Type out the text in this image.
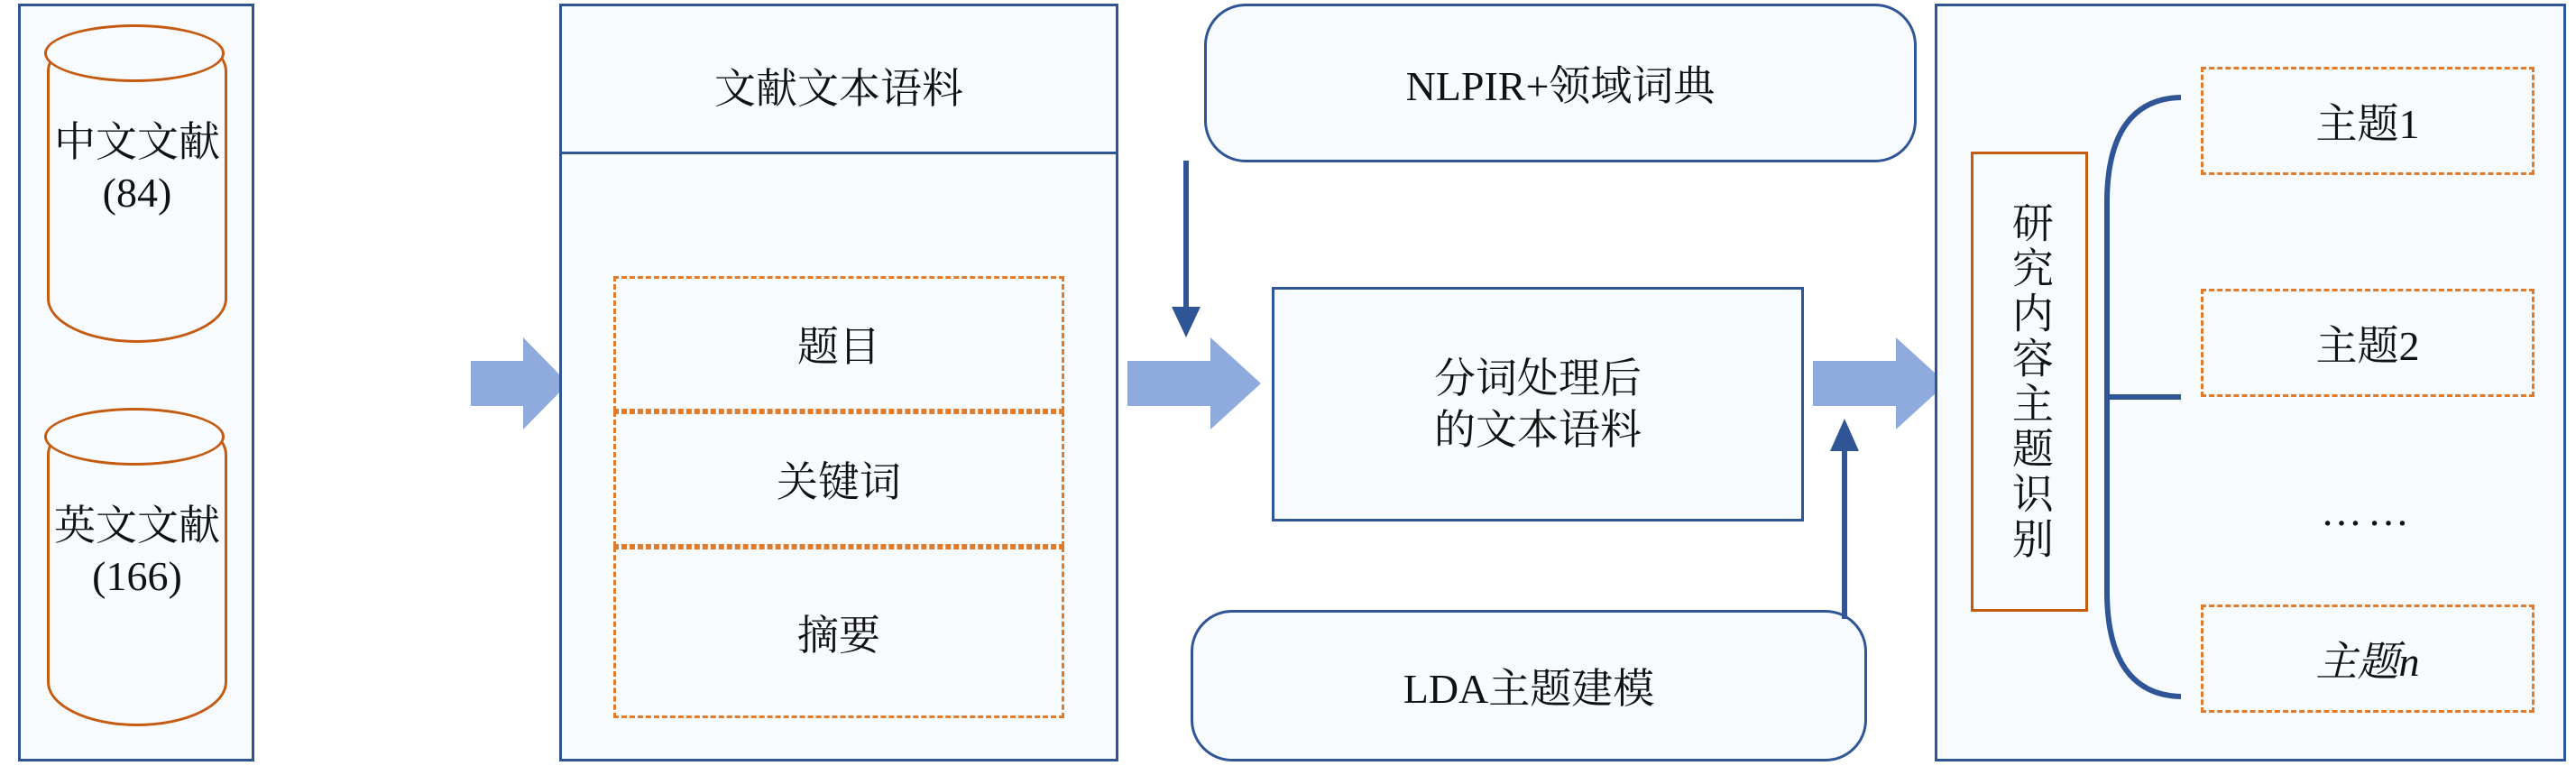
中文文献
(84)
英文文献
(166)
文献文本语料
题目
关键词
摘要
NLPIR+领域词典
分词处理后
的文本语料
LDA主题建模
研究内容主题识别
主题1
主题2
……
主题n
